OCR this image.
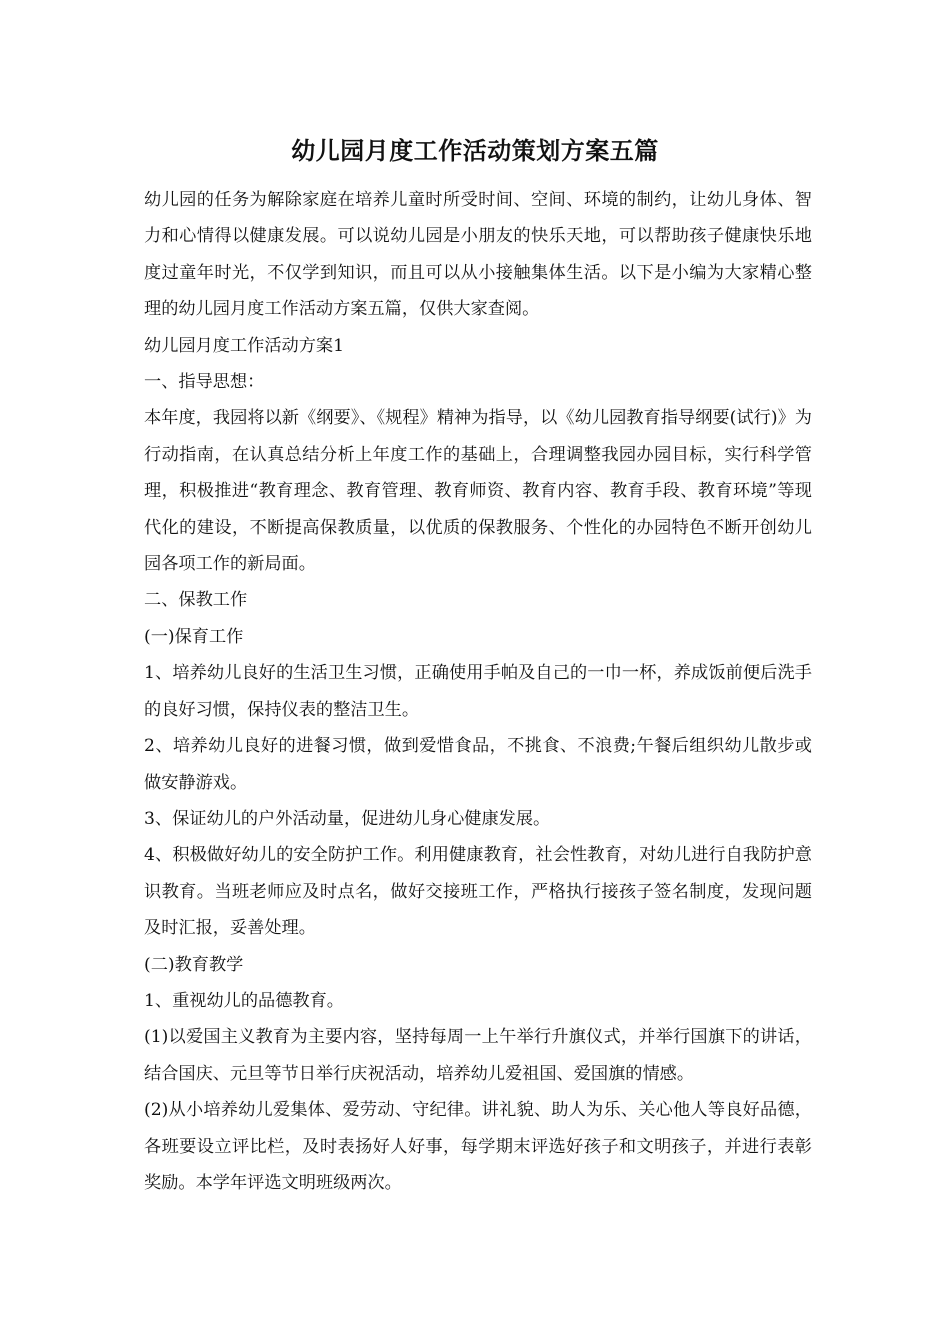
幼儿园月度工作活动策划方案五篇

幼儿园的任务为解除家庭在培养儿童时所受时间、空间、环境的制约，让幼儿身体、智力和心情得以健康发展。可以说幼儿园是小朋友的快乐天地，可以帮助孩子健康快乐地度过童年时光，不仅学到知识，而且可以从小接触集体生活。以下是小编为大家精心整理的幼儿园月度工作活动方案五篇，仅供大家查阅。

幼儿园月度工作活动方案1

一、指导思想：

本年度，我园将以新《纲要》、《规程》精神为指导，以《幼儿园教育指导纲要(试行)》为行动指南，在认真总结分析上年度工作的基础上，合理调整我园办园目标，实行科学管理，积极推进“教育理念、教育管理、教育师资、教育内容、教育手段、教育环境”等现代化的建设，不断提高保教质量，以优质的保教服务、个性化的办园特色不断开创幼儿园各项工作的新局面。

二、保教工作

(一)保育工作

1、培养幼儿良好的生活卫生习惯，正确使用手帕及自己的一巾一杯，养成饭前便后洗手的良好习惯，保持仪表的整洁卫生。

2、培养幼儿良好的进餐习惯，做到爱惜食品，不挑食、不浪费;午餐后组织幼儿散步或做安静游戏。

3、保证幼儿的户外活动量，促进幼儿身心健康发展。

4、积极做好幼儿的安全防护工作。利用健康教育，社会性教育，对幼儿进行自我防护意识教育。当班老师应及时点名，做好交接班工作，严格执行接孩子签名制度，发现问题及时汇报，妥善处理。

(二)教育教学

1、重视幼儿的品德教育。

(1)以爱国主义教育为主要内容，坚持每周一上午举行升旗仪式，并举行国旗下的讲话，结合国庆、元旦等节日举行庆祝活动，培养幼儿爱祖国、爱国旗的情感。

(2)从小培养幼儿爱集体、爱劳动、守纪律。讲礼貌、助人为乐、关心他人等良好品德，各班要设立评比栏，及时表扬好人好事，每学期末评选好孩子和文明孩子，并进行表彰奖励。本学年评选文明班级两次。
